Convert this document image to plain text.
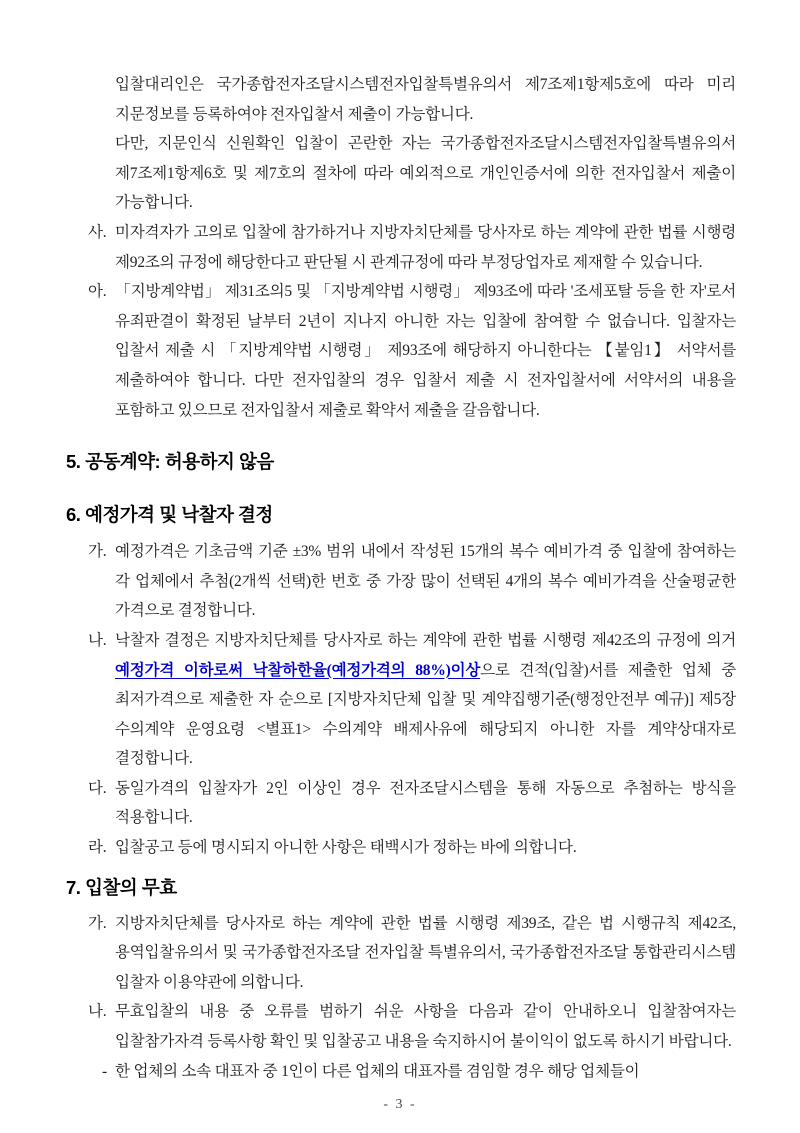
입찰대리인은 국가종합전자조달시스템전자입찰특별유의서 제7조제1항제5호에 따라 미리 지문정보를 등록하여야 전자입찰서 제출이 가능합니다.

다만, 지문인식 신원확인 입찰이 곤란한 자는 국가종합전자조달시스템전자입찰특별유의서 제7조제1항제6호 및 제7호의 절차에 따라 예외적으로 개인인증서에 의한 전자입찰서 제출이 가능합니다.

사. 미자격자가 고의로 입찰에 참가하거나 지방자치단체를 당사자로 하는 계약에 관한 법률 시행령 제92조의 규정에 해당한다고 판단될 시 관계규정에 따라 부정당업자로 제재할 수 있습니다.
아. 「지방계약법」 제31조의5 및 「지방계약법 시행령」 제93조에 따라 '조세포탈 등을 한 자'로서 유죄판결이 확정된 날부터 2년이 지나지 아니한 자는 입찰에 참여할 수 없습니다. 입찰자는 입찰서 제출 시 「지방계약법 시행령」 제93조에 해당하지 아니한다는 【붙임1】 서약서를 제출하여야 합니다. 다만 전자입찰의 경우 입찰서 제출 시 전자입찰서에 서약서의 내용을 포함하고 있으므로 전자입찰서 제출로 확약서 제출을 갈음합니다.
5. 공동계약: 허용하지 않음
6. 예정가격 및 낙찰자 결정
가. 예정가격은 기초금액 기준 ±3% 범위 내에서 작성된 15개의 복수 예비가격 중 입찰에 참여하는 각 업체에서 추첨(2개씩 선택)한 번호 중 가장 많이 선택된 4개의 복수 예비가격을 산술평균한 가격으로 결정합니다.
나. 낙찰자 결정은 지방자치단체를 당사자로 하는 계약에 관한 법률 시행령 제42조의 규정에 의거 예정가격 이하로써 낙찰하한율(예정가격의 88%)이상으로 견적(입찰)서를 제출한 업체 중 최저가격으로 제출한 자 순으로 [지방자치단체 입찰 및 계약집행기준(행정안전부 예규)] 제5장 수의계약 운영요령 <별표1> 수의계약 배제사유에 해당되지 아니한 자를 계약상대자로 결정합니다.
다. 동일가격의 입찰자가 2인 이상인 경우 전자조달시스템을 통해 자동으로 추첨하는 방식을 적용합니다.
라. 입찰공고 등에 명시되지 아니한 사항은 태백시가 정하는 바에 의합니다.
7. 입찰의 무효
가. 지방자치단체를 당사자로 하는 계약에 관한 법률 시행령 제39조, 같은 법 시행규칙 제42조, 용역입찰유의서 및 국가종합전자조달 전자입찰 특별유의서, 국가종합전자조달 통합관리시스템 입찰자 이용약관에 의합니다.
나. 무효입찰의 내용 중 오류를 범하기 쉬운 사항을 다음과 같이 안내하오니 입찰참여자는 입찰참가자격 등록사항 확인 및 입찰공고 내용을 숙지하시어 불이익이 없도록 하시기 바랍니다.
- 한 업체의 소속 대표자 중 1인이 다른 업체의 대표자를 겸임할 경우 해당 업체들이
- 3 -
